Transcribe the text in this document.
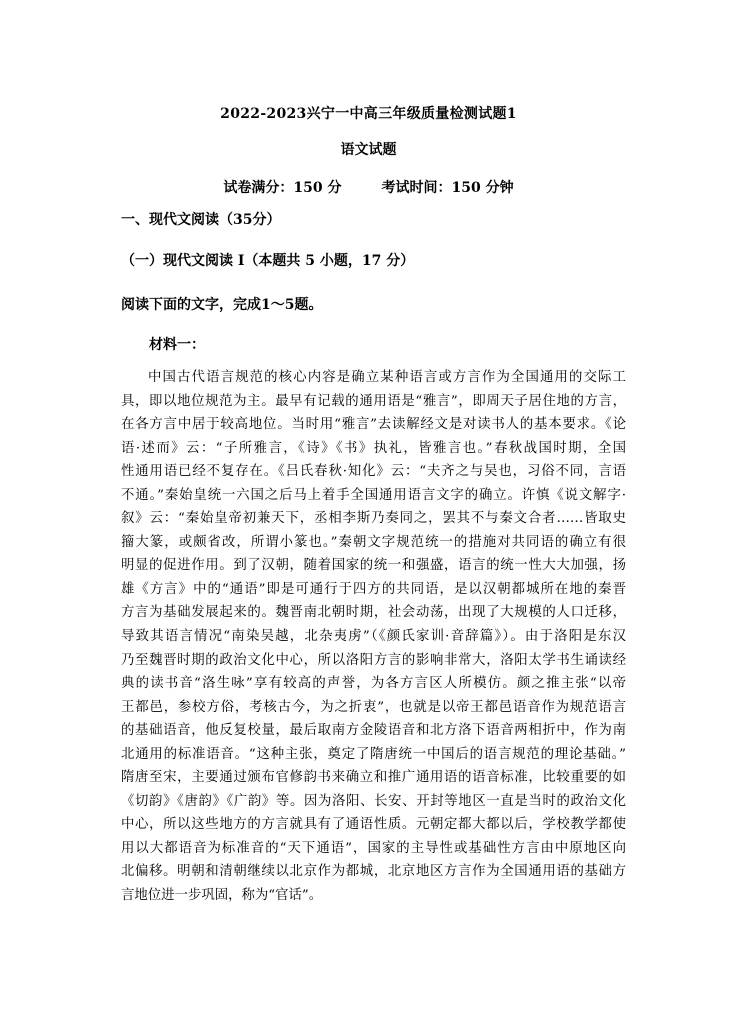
2022-2023兴宁一中高三年级质量检测试题1
语文试题
试卷满分：150 分	考试时间：150 分钟
一、现代文阅读（35分）
（一）现代文阅读 I（本题共 5 小题，17 分）
阅读下面的文字，完成1～5题。
材料一：
中国古代语言规范的核心内容是确立某种语言或方言作为全国通用的交际工
具，即以地位规范为主。最早有记载的通用语是“雅言”，即周天子居住地的方言，
在各方言中居于较高地位。当时用“雅言”去读解经文是对读书人的基本要求。《论
语·述而》云：“子所雅言，《诗》《书》执礼，皆雅言也。”春秋战国时期，全国
性通用语已经不复存在。《吕氏春秋·知化》云：“夫齐之与吴也，习俗不同，言语
不通。”秦始皇统一六国之后马上着手全国通用语言文字的确立。许慎《说文解字·
叙》云：“秦始皇帝初兼天下，丞相李斯乃奏同之，罢其不与秦文合者……皆取史
籀大篆，或颇省改，所谓小篆也。”秦朝文字规范统一的措施对共同语的确立有很
明显的促进作用。到了汉朝，随着国家的统一和强盛，语言的统一性大大加强，扬
雄《方言》中的“通语”即是可通行于四方的共同语，是以汉朝都城所在地的秦晋
方言为基础发展起来的。魏晋南北朝时期，社会动荡，出现了大规模的人口迁移，
导致其语言情况“南染吴越，北杂夷虏”（《颜氏家训·音辞篇》）。由于洛阳是东汉
乃至魏晋时期的政治文化中心，所以洛阳方言的影响非常大，洛阳太学书生诵读经
典的读书音“洛生咏”享有较高的声誉，为各方言区人所模仿。颜之推主张“以帝
王都邑，参校方俗，考核古今，为之折衷”，也就是以帝王都邑语音作为规范语言
的基础语音，他反复校量，最后取南方金陵语音和北方洛下语音两相折中，作为南
北通用的标准语音。“这种主张，奠定了隋唐统一中国后的语言规范的理论基础。”
隋唐至宋，主要通过颁布官修韵书来确立和推广通用语的语音标准，比较重要的如
《切韵》《唐韵》《广韵》等。因为洛阳、长安、开封等地区一直是当时的政治文化
中心，所以这些地方的方言就具有了通语性质。元朝定都大都以后，学校教学都使
用以大都语音为标准音的“天下通语”，国家的主导性或基础性方言由中原地区向
北偏移。明朝和清朝继续以北京作为都城，北京地区方言作为全国通用语的基础方
言地位进一步巩固，称为“官话”。
